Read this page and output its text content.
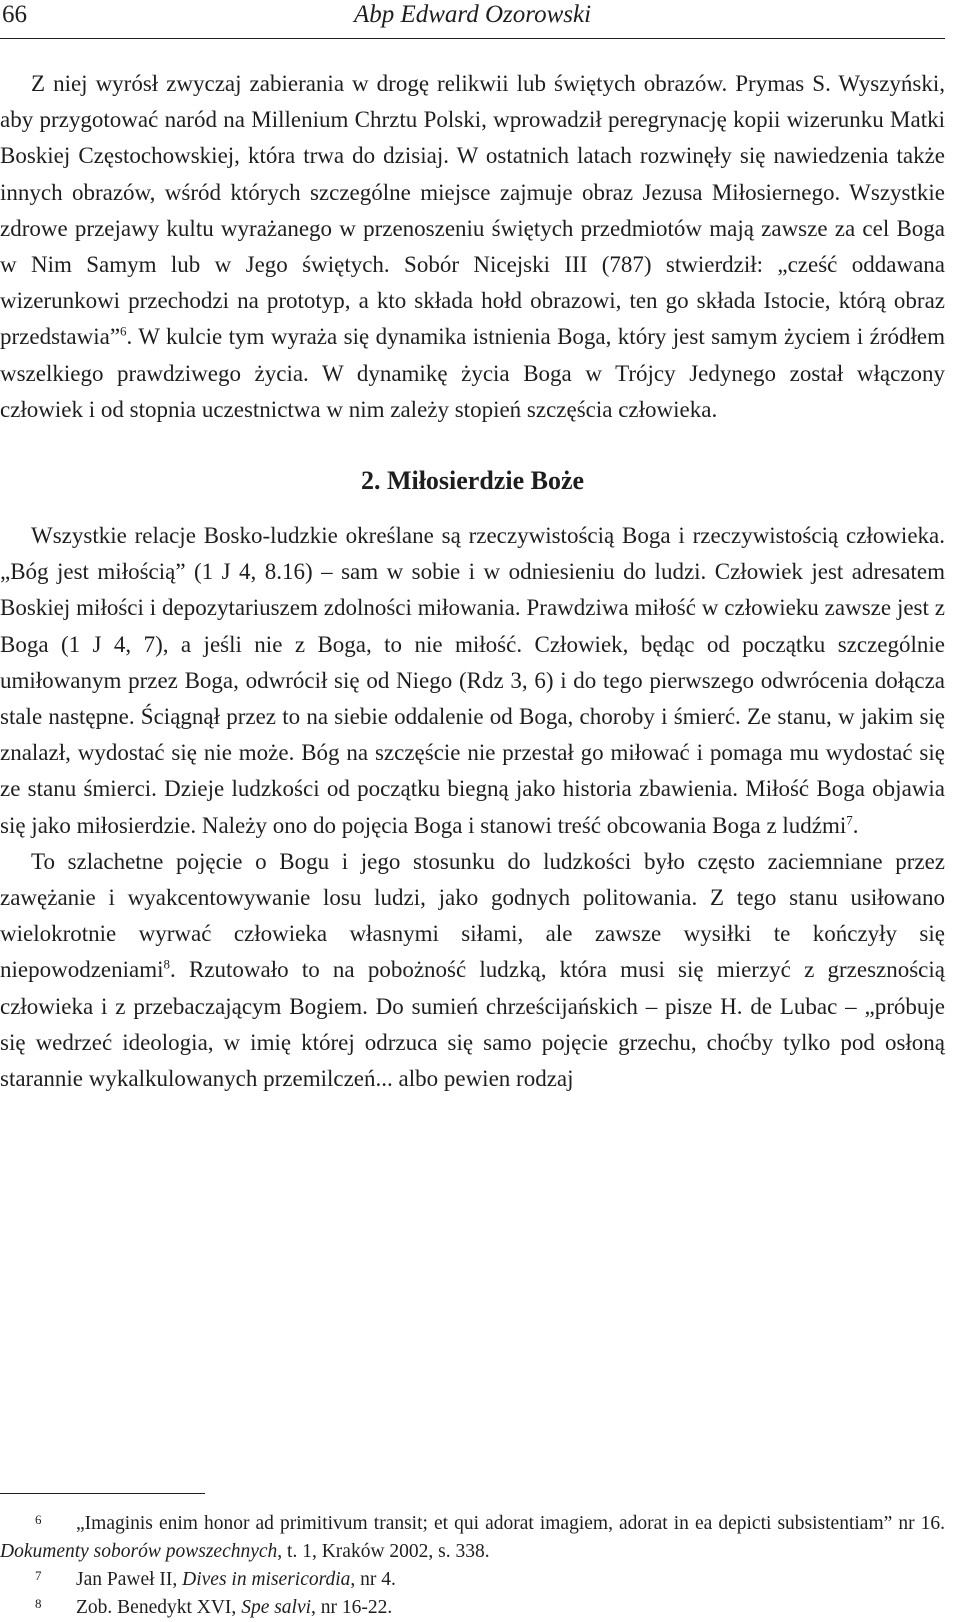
66	Abp Edward Ozorowski

Z niej wyrósł zwyczaj zabierania w drogę relikwii lub świętych obrazów. Prymas S. Wyszyński, aby przygotować naród na Millenium Chrztu Polski, wprowadził peregrynację kopii wizerunku Matki Boskiej Częstochowskiej, która trwa do dzisiaj. W ostatnich latach rozwinęły się nawiedzenia także innych obrazów, wśród których szczególne miejsce zajmuje obraz Jezusa Miłosiernego. Wszystkie zdrowe przejawy kultu wyrażanego w przenoszeniu świętych przedmiotów mają zawsze za cel Boga w Nim Samym lub w Jego świętych. Sobór Nicejski III (787) stwierdził: „cześć oddawana wizerunkowi przechodzi na prototyp, a kto składa hołd obrazowi, ten go składa Istocie, którą obraz przedstawia”$^6$. W kulcie tym wyraża się dynamika istnienia Boga, który jest samym życiem i źródłem wszelkiego prawdziwego życia. W dynamikę życia Boga w Trójcy Jedynego został włączony człowiek i od stopnia uczestnictwa w nim zależy stopień szczęścia człowieka.

2. Miłosierdzie Boże

Wszystkie relacje Bosko-ludzkie określane są rzeczywistością Boga i rzeczywistością człowieka. „Bóg jest miłością” (1 J 4, 8.16) – sam w sobie i w odniesieniu do ludzi. Człowiek jest adresatem Boskiej miłości i depozytariuszem zdolności miłowania. Prawdziwa miłość w człowieku zawsze jest z Boga (1 J 4, 7), a jeśli nie z Boga, to nie miłość. Człowiek, będąc od początku szczególnie umiłowanym przez Boga, odwrócił się od Niego (Rdz 3, 6) i do tego pierwszego odwrócenia dołącza stale następne. Ściągnął przez to na siebie oddalenie od Boga, choroby i śmierć. Ze stanu, w jakim się znalazł, wydostać się nie może. Bóg na szczęście nie przestał go miłować i pomaga mu wydostać się ze stanu śmierci. Dzieje ludzkości od początku biegną jako historia zbawienia. Miłość Boga objawia się jako miłosierdzie. Należy ono do pojęcia Boga i stanowi treść obcowania Boga z ludźmi$^7$.

To szlachetne pojęcie o Bogu i jego stosunku do ludzkości było często zaciemniane przez zawężanie i wyakcentowywanie losu ludzi, jako godnych politowania. Z tego stanu usiłowano wielokrotnie wyrwać człowieka własnymi siłami, ale zawsze wysiłki te kończyły się niepowodzeniami$^8$. Rzutowało to na pobożność ludzką, która musi się mierzyć z grzesznością człowieka i z przebaczającym Bogiem. Do sumień chrześcijańskich – pisze H. de Lubac – „próbuje się wedrzeć ideologia, w imię której odrzuca się samo pojęcie grzechu, choćby tylko pod osłoną starannie wykalkulowanych przemilczeń... albo pewien rodzaj

6 „Imaginis enim honor ad primitivum transit; et qui adorat imagiem, adorat in ea depicti subsistentiam” nr 16. Dokumenty soborów powszechnych, t. 1, Kraków 2002, s. 338.

7 Jan Paweł II, Dives in misericordia, nr 4.

8 Zob. Benedykt XVI, Spe salvi, nr 16-22.
